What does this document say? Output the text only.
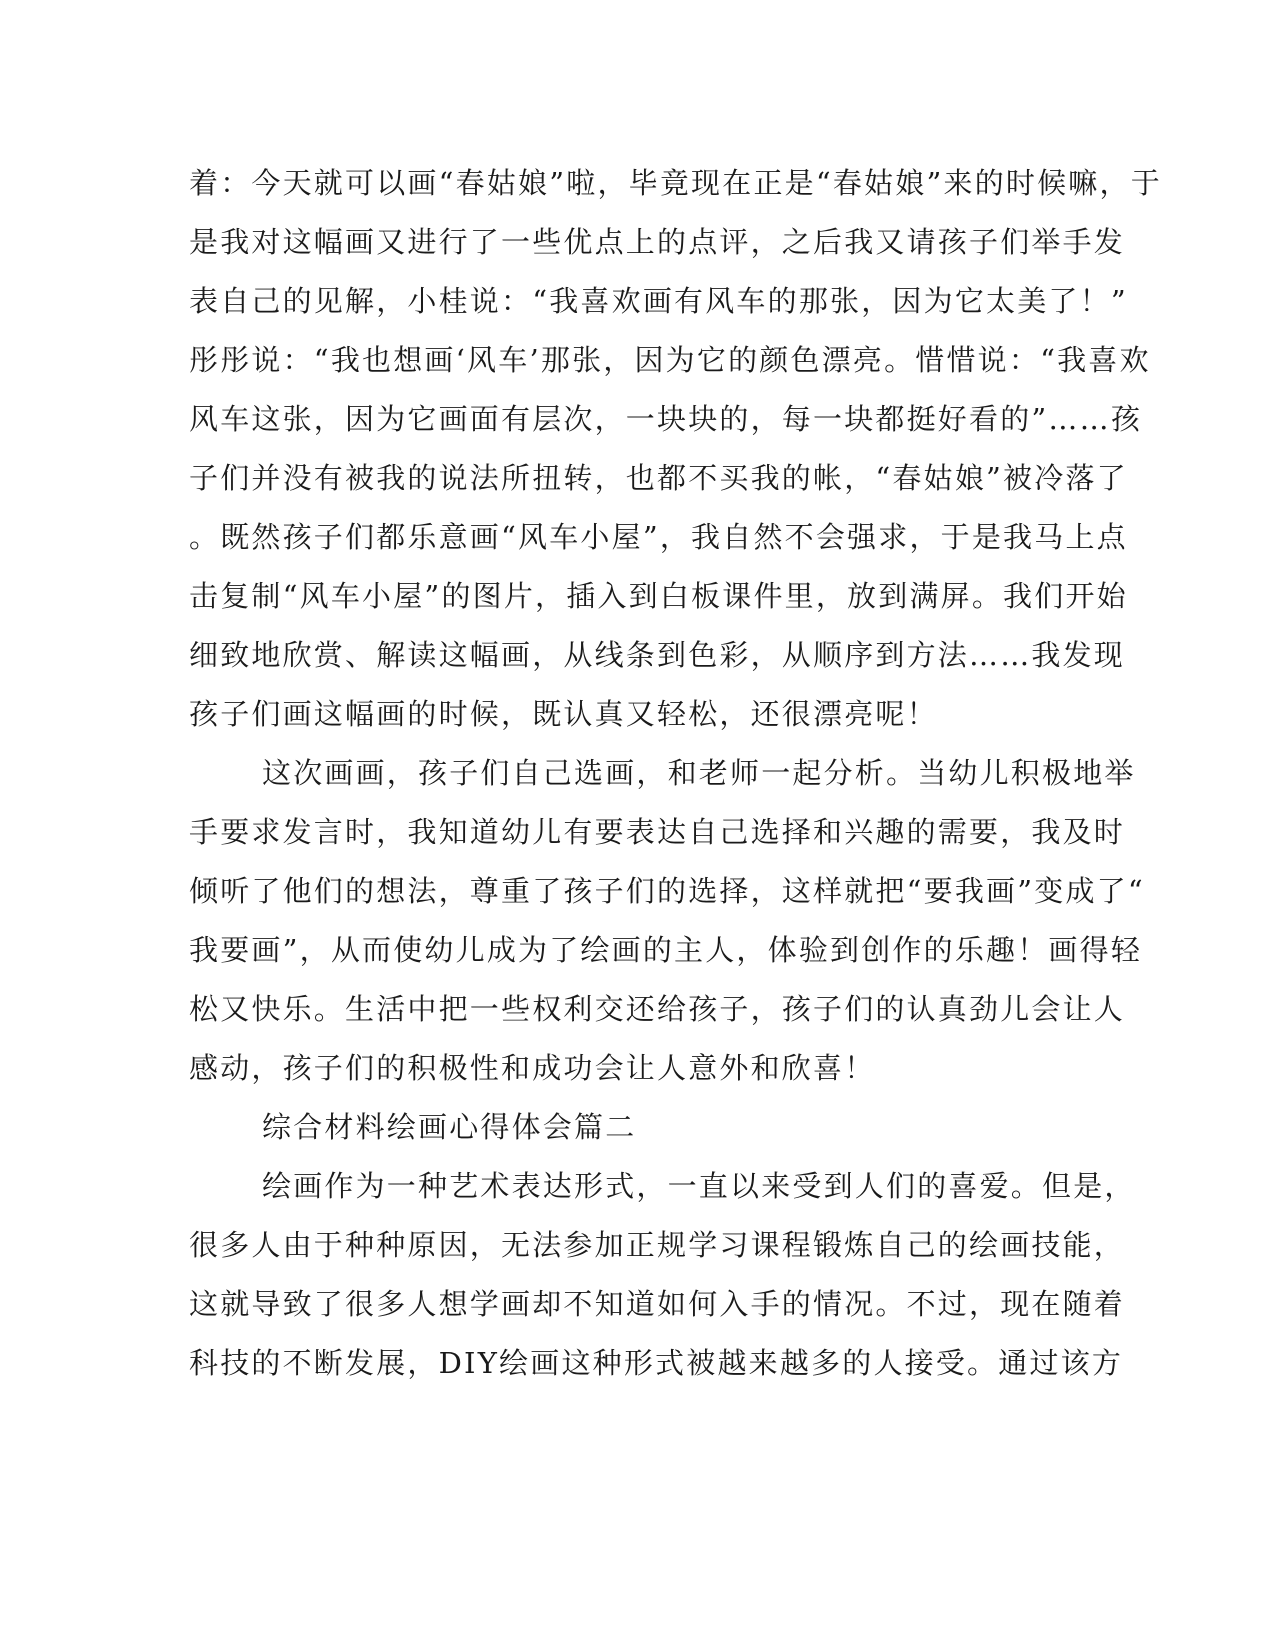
着：今天就可以画“春姑娘”啦，毕竟现在正是“春姑娘”来的时候嘛，于
是我对这幅画又进行了一些优点上的点评，之后我又请孩子们举手发
表自己的见解，小桂说：“我喜欢画有风车的那张，因为它太美了！”
彤彤说：“我也想画‘风车’那张，因为它的颜色漂亮。惜惜说：“我喜欢
风车这张，因为它画面有层次，一块块的，每一块都挺好看的”……孩
子们并没有被我的说法所扭转，也都不买我的帐，“春姑娘”被冷落了
。既然孩子们都乐意画“风车小屋”，我自然不会强求，于是我马上点
击复制“风车小屋”的图片，插入到白板课件里，放到满屏。我们开始
细致地欣赏、解读这幅画，从线条到色彩，从顺序到方法……我发现
孩子们画这幅画的时候，既认真又轻松，还很漂亮呢！
这次画画，孩子们自己选画，和老师一起分析。当幼儿积极地举
手要求发言时，我知道幼儿有要表达自己选择和兴趣的需要，我及时
倾听了他们的想法，尊重了孩子们的选择，这样就把“要我画”变成了“
我要画”，从而使幼儿成为了绘画的主人，体验到创作的乐趣！画得轻
松又快乐。生活中把一些权利交还给孩子，孩子们的认真劲儿会让人
感动，孩子们的积极性和成功会让人意外和欣喜！
综合材料绘画心得体会篇二
绘画作为一种艺术表达形式，一直以来受到人们的喜爱。但是，
很多人由于种种原因，无法参加正规学习课程锻炼自己的绘画技能，
这就导致了很多人想学画却不知道如何入手的情况。不过，现在随着
科技的不断发展，DIY绘画这种形式被越来越多的人接受。通过该方
